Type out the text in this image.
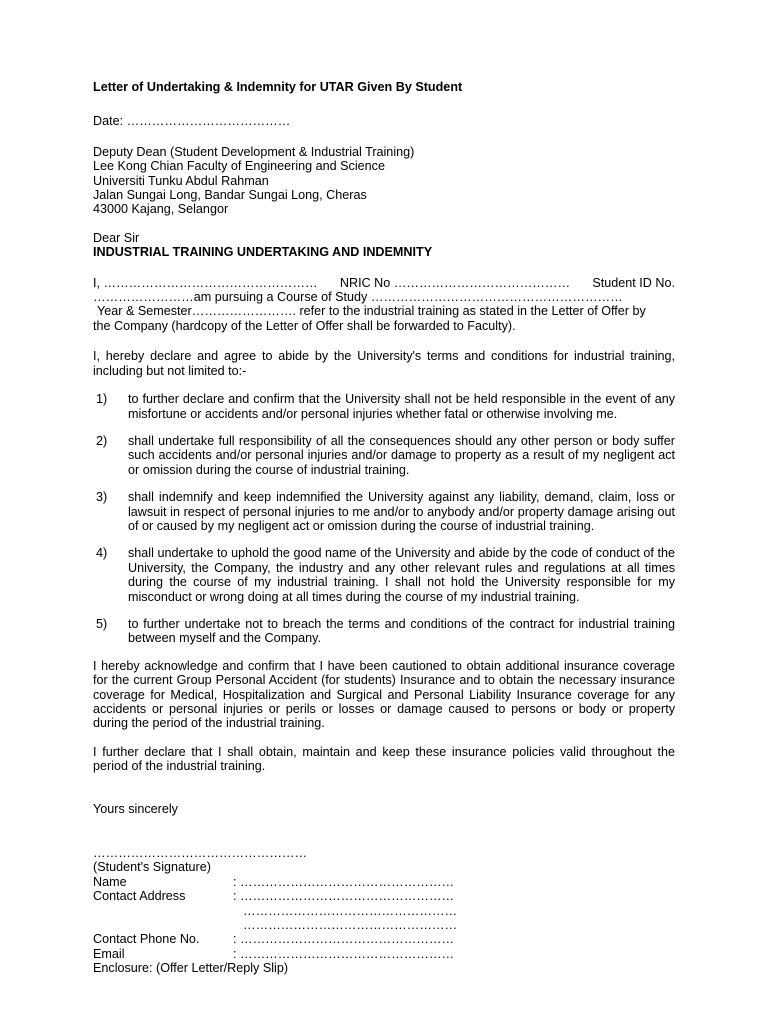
Letter of Undertaking & Indemnity for UTAR Given By Student

Date: …………………………………

Deputy Dean (Student Development & Industrial Training)

Lee Kong Chian Faculty of Engineering and Science

Universiti Tunku Abdul Rahman

Jalan Sungai Long, Bandar Sungai Long, Cheras

43000 Kajang, Selangor

Dear Sir

INDUSTRIAL TRAINING UNDERTAKING AND INDEMNITY

I, …………………………………………… NRIC No …………………………………… Student ID No.

……………………am pursuing a Course of Study ……………………………………………………

Year & Semester……………………. refer to the industrial training as stated in the Letter of Offer by

the Company (hardcopy of the Letter of Offer shall be forwarded to Faculty).

I, hereby declare and agree to abide by the University's terms and conditions for industrial training, including but not limited to:-

1)	to further declare and confirm that the University shall not be held responsible in the event of any misfortune or accidents and/or personal injuries whether fatal or otherwise involving me.
2)	shall undertake full responsibility of all the consequences should any other person or body suffer such accidents and/or personal injuries and/or damage to property as a result of my negligent act or omission during the course of industrial training.
3)	shall indemnify and keep indemnified the University against any liability, demand, claim, loss or lawsuit in respect of personal injuries to me and/or to anybody and/or property damage arising out of or caused by my negligent act or omission during the course of industrial training.
4)	shall undertake to uphold the good name of the University and abide by the code of conduct of the University, the Company, the industry and any other relevant rules and regulations at all times during the course of my industrial training. I shall not hold the University responsible for my misconduct or wrong doing at all times during the course of my industrial training.
5)	to further undertake not to breach the terms and conditions of the contract for industrial training between myself and the Company.

I hereby acknowledge and confirm that I have been cautioned to obtain additional insurance coverage for the current Group Personal Accident (for students) Insurance and to obtain the necessary insurance coverage for Medical, Hospitalization and Surgical and Personal Liability Insurance coverage for any accidents or personal injuries or perils or losses or damage caused to persons or body or property during the period of the industrial training.

I further declare that I shall obtain, maintain and keep these insurance policies valid throughout the period of the industrial training.

Yours sincerely

……………………………………………

(Student's Signature)

Name	: ……………………………………………
Contact Address	: ……………………………………………

……………………………………………

……………………………………………

Contact Phone No.	: ……………………………………………
Email	: ……………………………………………

Enclosure: (Offer Letter/Reply Slip)
